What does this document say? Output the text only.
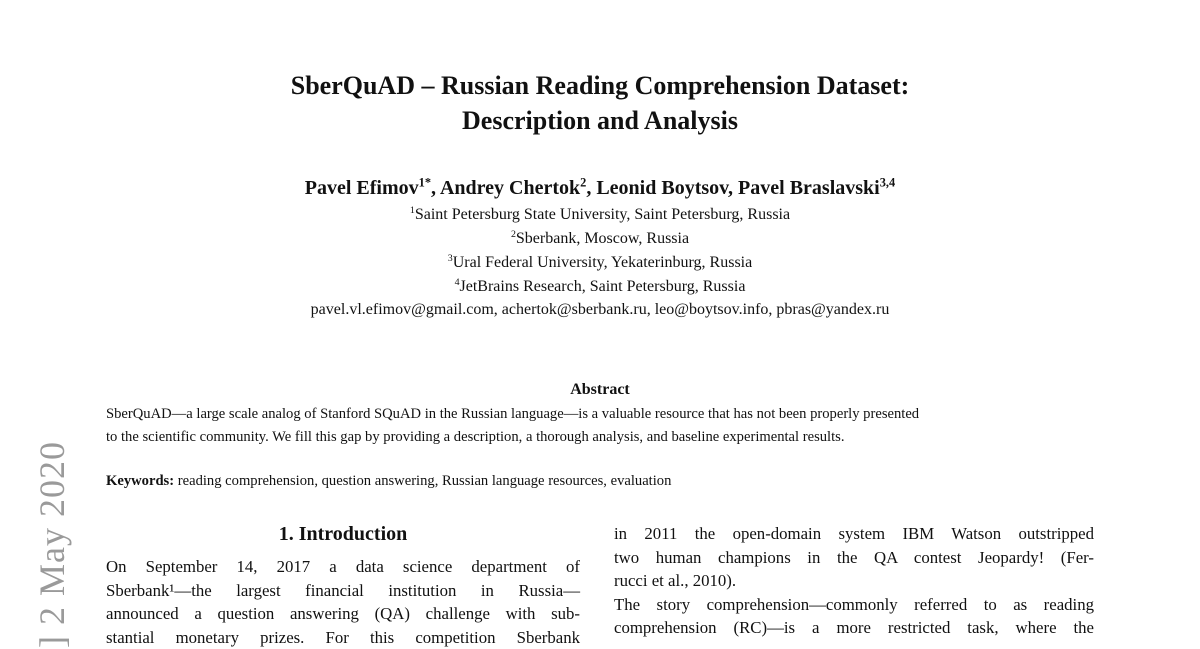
SberQuAD – Russian Reading Comprehension Dataset:
Description and Analysis
Pavel Efimov$^{1*}$, Andrey Chertok$^2$, Leonid Boytsov, Pavel Braslavski$^{3,4}$
$^1$Saint Petersburg State University, Saint Petersburg, Russia
$^2$Sberbank, Moscow, Russia
$^3$Ural Federal University, Yekaterinburg, Russia
$^4$JetBrains Research, Saint Petersburg, Russia
pavel.vl.efimov@gmail.com, achertok@sberbank.ru, leo@boytsov.info, pbras@yandex.ru
Abstract
SberQuAD—a large scale analog of Stanford SQuAD in the Russian language—is a valuable resource that has not been properly presented
to the scientific community. We fill this gap by providing a description, a thorough analysis, and baseline experimental results.
Keywords: reading comprehension, question answering, Russian language resources, evaluation
1. Introduction
On September 14, 2017 a data science department of
Sberbank¹—the largest financial institution in Russia—
announced a question answering (QA) challenge with sub-
stantial monetary prizes. For this competition Sberbank
in 2011 the open-domain system IBM Watson outstripped
two human champions in the QA contest Jeopardy! (Fer-
rucci et al., 2010).
The story comprehension—commonly referred to as reading
comprehension (RC)—is a more restricted task, where the
] 2 May 2020
